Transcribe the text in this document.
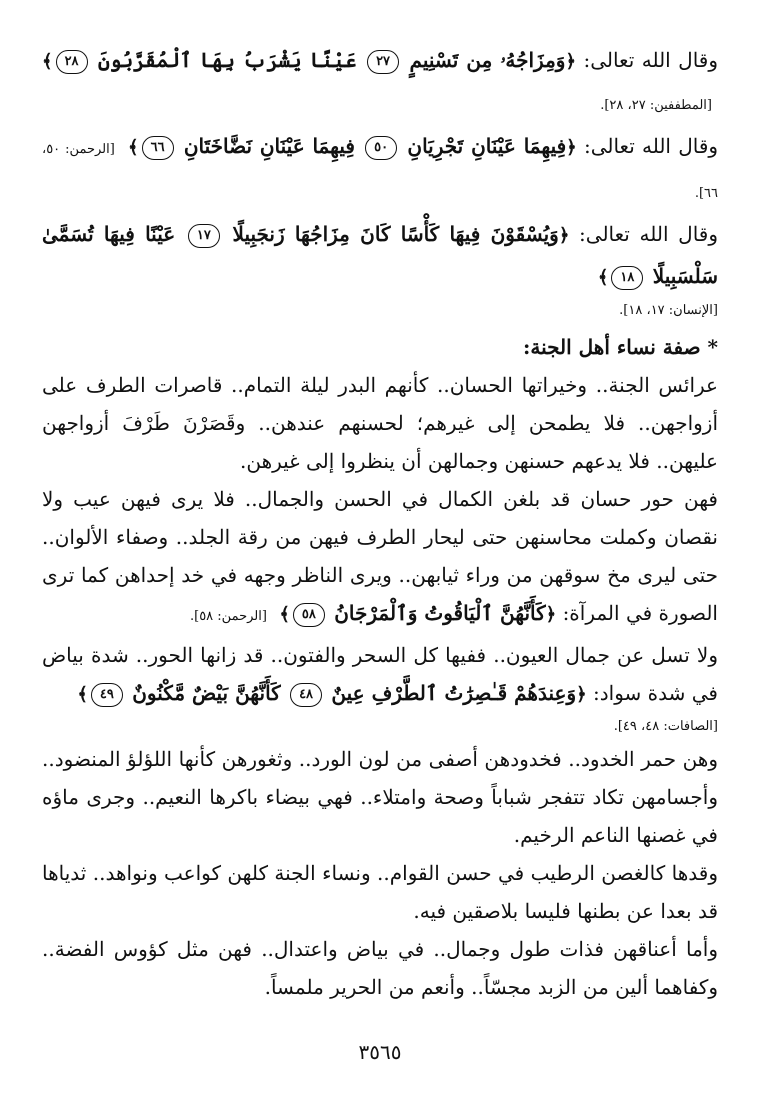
وقال الله تعالى: ﴿وَمِزَاجُهُۥ مِن تَسْنِيمٍ ٢٧ عَيْنًا يَشْرَبُ بِهَا ٱلْمُقَرَّبُونَ ٢٨﴾ [المطففين: ٢٧، ٢٨].

وقال الله تعالى: ﴿فِيهِمَا عَيْنَانِ تَجْرِيَانِ ٥٠ فِيهِمَا عَيْنَانِ نَضَّاخَتَانِ ٦٦﴾ [الرحمن: ٥٠، ٦٦].

وقال الله تعالى: ﴿وَيُسْقَوْنَ فِيهَا كَأْسًا كَانَ مِزَاجُهَا زَنجَبِيلًا ١٧ عَيْنًا فِيهَا تُسَمَّىٰ سَلْسَبِيلًا ١٨﴾

[الإنسان: ١٧، ١٨].

* صفة نساء أهل الجنة:

عرائس الجنة.. وخيراتها الحسان.. كأنهم البدر ليلة التمام.. قاصرات الطرف على أزواجهن.. فلا يطمحن إلى غيرهم؛ لحسنهم عندهن.. وقَصَرْنَ طَرْفَ أزواجهن عليهن.. فلا يدعهم حسنهن وجمالهن أن ينظروا إلى غيرهن.

فهن حور حسان قد بلغن الكمال في الحسن والجمال.. فلا يرى فيهن عيب ولا نقصان وكملت محاسنهن حتى ليحار الطرف فيهن من رقة الجلد.. وصفاء الألوان.. حتى ليرى مخ سوقهن من وراء ثيابهن.. ويرى الناظر وجهه في خد إحداهن كما ترى الصورة في المرآة: ﴿كَأَنَّهُنَّ ٱلْيَاقُوتُ وَٱلْمَرْجَانُ ٥٨﴾ [الرحمن: ٥٨].

ولا تسل عن جمال العيون.. ففيها كل السحر والفتون.. قد زانها الحور.. شدة بياض في شدة سواد: ﴿وَعِندَهُمْ قَـٰصِرَٰتُ ٱلطَّرْفِ عِينٌ ٤٨ كَأَنَّهُنَّ بَيْضٌ مَّكْنُونٌ ٤٩﴾

[الصافات: ٤٨، ٤٩].

وهن حمر الخدود.. فخدودهن أصفى من لون الورد.. وثغورهن كأنها اللؤلؤ المنضود.. وأجسامهن تكاد تتفجر شباباً وصحة وامتلاء.. فهي بيضاء باكرها النعيم.. وجرى ماؤه في غصنها الناعم الرخيم.

وقدها كالغصن الرطيب في حسن القوام.. ونساء الجنة كلهن كواعب ونواهد.. ثدياها قد بعدا عن بطنها فليسا بلاصقين فيه.

وأما أعناقهن فذات طول وجمال.. في بياض واعتدال.. فهن مثل كؤوس الفضة.. وكفاهما ألين من الزبد مجسّاً.. وأنعم من الحرير ملمساً.

٣٥٦٥
